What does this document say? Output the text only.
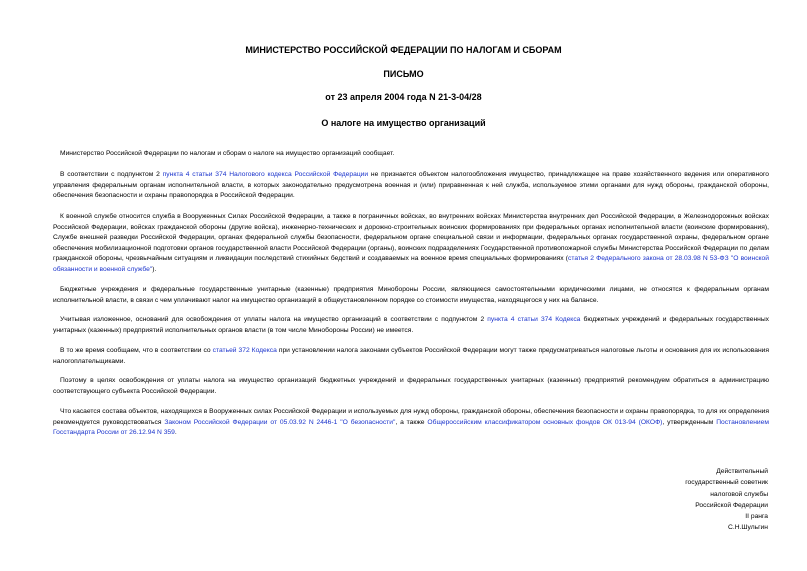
МИНИСТЕРСТВО РОССИЙСКОЙ ФЕДЕРАЦИИ ПО НАЛОГАМ И СБОРАМ
ПИСЬМО
от 23 апреля 2004 года N 21-3-04/28
О налоге на имущество организаций
Министерство Российской Федерации по налогам и сборам о налоге на имущество организаций сообщает.
В соответствии с подпунктом 2 пункта 4 статьи 374 Налогового кодекса Российской Федерации не признается объектом налогообложения имущество, принадлежащее на праве хозяйственного ведения или оперативного управления федеральным органам исполнительной власти, в которых законодательно предусмотрена военная и (или) приравненная к ней служба, используемое этими органами для нужд обороны, гражданской обороны, обеспечения безопасности и охраны правопорядка в Российской Федерации.
К военной службе относится служба в Вооруженных Силах Российской Федерации, а также в пограничных войсках, во внутренних войсках Министерства внутренних дел Российской Федерации, в Железнодорожных войсках Российской Федерации, войсках гражданской обороны (другие войска), инженерно-технических и дорожно-строительных воинских формированиях при федеральных органах исполнительной власти (воинские формирования), Службе внешней разведки Российской Федерации, органах федеральной службы безопасности, федеральном органе специальной связи и информации, федеральных органах государственной охраны, федеральном органе обеспечения мобилизационной подготовки органов государственной власти Российской Федерации (органы), воинских подразделениях Государственной противопожарной службы Министерства Российской Федерации по делам гражданской обороны, чрезвычайным ситуациям и ликвидации последствий стихийных бедствий и создаваемых на военное время специальных формированиях (статья 2 Федерального закона от 28.03.98 N 53-ФЗ "О воинской обязанности и военной службе").
Бюджетные учреждения и федеральные государственные унитарные (казенные) предприятия Минобороны России, являющиеся самостоятельными юридическими лицами, не относятся к федеральным органам исполнительной власти, в связи с чем уплачивают налог на имущество организаций в общеустановленном порядке со стоимости имущества, находящегося у них на балансе.
Учитывая изложенное, оснований для освобождения от уплаты налога на имущество организаций в соответствии с подпунктом 2 пункта 4 статьи 374 Кодекса бюджетных учреждений и федеральных государственных унитарных (казенных) предприятий исполнительных органов власти (в том числе Минобороны России) не имеется.
В то же время сообщаем, что в соответствии со статьей 372 Кодекса при установлении налога законами субъектов Российской Федерации могут также предусматриваться налоговые льготы и основания для их использования налогоплательщиками.
Поэтому в целях освобождения от уплаты налога на имущество организаций бюджетных учреждений и федеральных государственных унитарных (казенных) предприятий рекомендуем обратиться в администрацию соответствующего субъекта Российской Федерации.
Что касается состава объектов, находящихся в Вооруженных силах Российской Федерации и используемых для нужд обороны, гражданской обороны, обеспечения безопасности и охраны правопорядка, то для их определения рекомендуется руководствоваться Законом Российской Федерации от 05.03.92 N 2446-1 "О безопасности", а также Общероссийским классификатором основных фондов ОК 013-94 (ОКОФ), утвержденным Постановлением Госстандарта России от 26.12.94 N 359.
Действительный
государственный советник
налоговой службы
Российской Федерации
II ранга
С.Н.Шульгин
